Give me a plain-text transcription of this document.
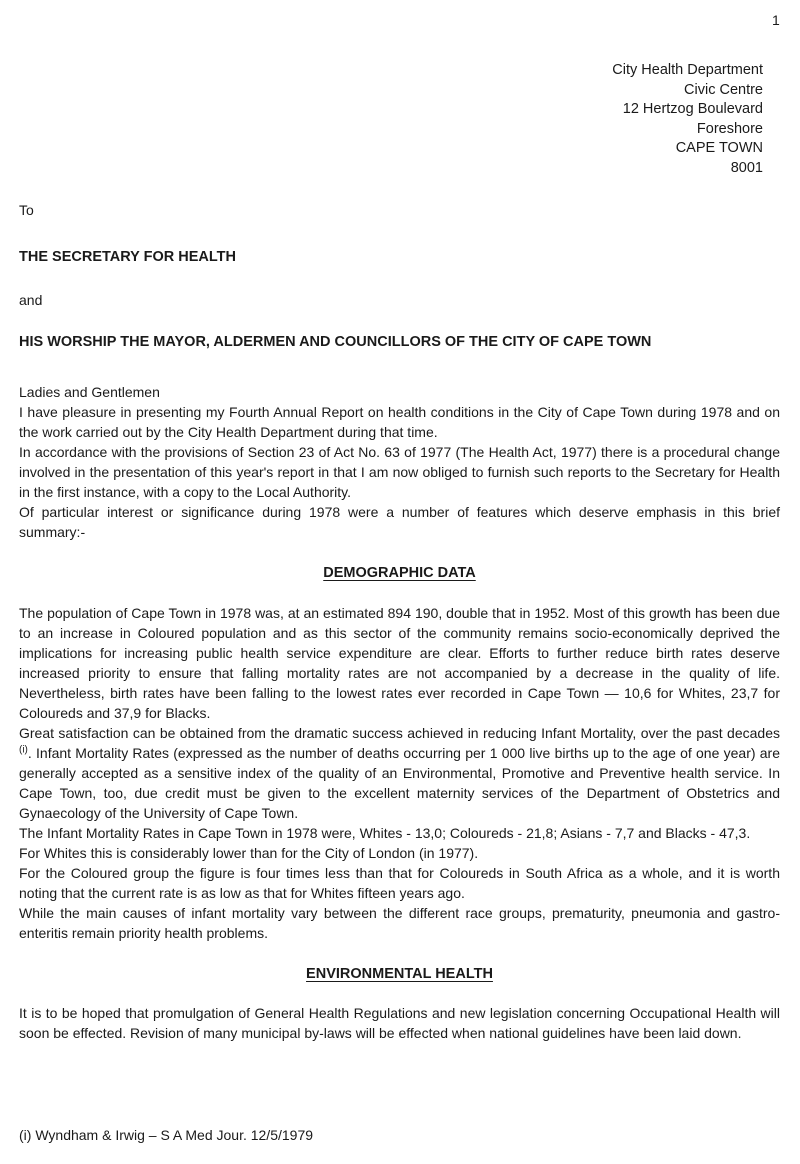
1
City Health Department
Civic Centre
12 Hertzog Boulevard
Foreshore
CAPE TOWN
8001

To

THE SECRETARY FOR HEALTH

and

HIS WORSHIP THE MAYOR, ALDERMEN AND COUNCILLORS OF THE CITY OF CAPE TOWN

Ladies and Gentlemen

I have pleasure in presenting my Fourth Annual Report on health conditions in the City of Cape Town during 1978 and on the work carried out by the City Health Department during that time.

In accordance with the provisions of Section 23 of Act No. 63 of 1977 (The Health Act, 1977) there is a procedural change involved in the presentation of this year's report in that I am now obliged to furnish such reports to the Secretary for Health in the first instance, with a copy to the Local Authority.

Of particular interest or significance during 1978 were a number of features which deserve emphasis in this brief summary:-

DEMOGRAPHIC DATA

The population of Cape Town in 1978 was, at an estimated 894 190, double that in 1952. Most of this growth has been due to an increase in Coloured population and as this sector of the community remains socio-economically deprived the implications for increasing public health service expenditure are clear. Efforts to further reduce birth rates deserve increased priority to ensure that falling mortality rates are not accompanied by a decrease in the quality of life. Nevertheless, birth rates have been falling to the lowest rates ever recorded in Cape Town — 10,6 for Whites, 23,7 for Coloureds and 37,9 for Blacks.

Great satisfaction can be obtained from the dramatic success achieved in reducing Infant Mortality, over the past decades $^{(i)}$. Infant Mortality Rates (expressed as the number of deaths occurring per 1 000 live births up to the age of one year) are generally accepted as a sensitive index of the quality of an Environmental, Promotive and Preventive health service. In Cape Town, too, due credit must be given to the excellent maternity services of the Department of Obstetrics and Gynaecology of the University of Cape Town.

The Infant Mortality Rates in Cape Town in 1978 were, Whites - 13,0; Coloureds - 21,8; Asians - 7,7 and Blacks - 47,3.

For Whites this is considerably lower than for the City of London (in 1977).

For the Coloured group the figure is four times less than that for Coloureds in South Africa as a whole, and it is worth noting that the current rate is as low as that for Whites fifteen years ago.

While the main causes of infant mortality vary between the different race groups, prematurity, pneumonia and gastro-enteritis remain priority health problems.

ENVIRONMENTAL HEALTH

It is to be hoped that promulgation of General Health Regulations and new legislation concerning Occupational Health will soon be effected. Revision of many municipal by-laws will be effected when national guidelines have been laid down.

(i) Wyndham & Irwig – S A Med Jour. 12/5/1979
